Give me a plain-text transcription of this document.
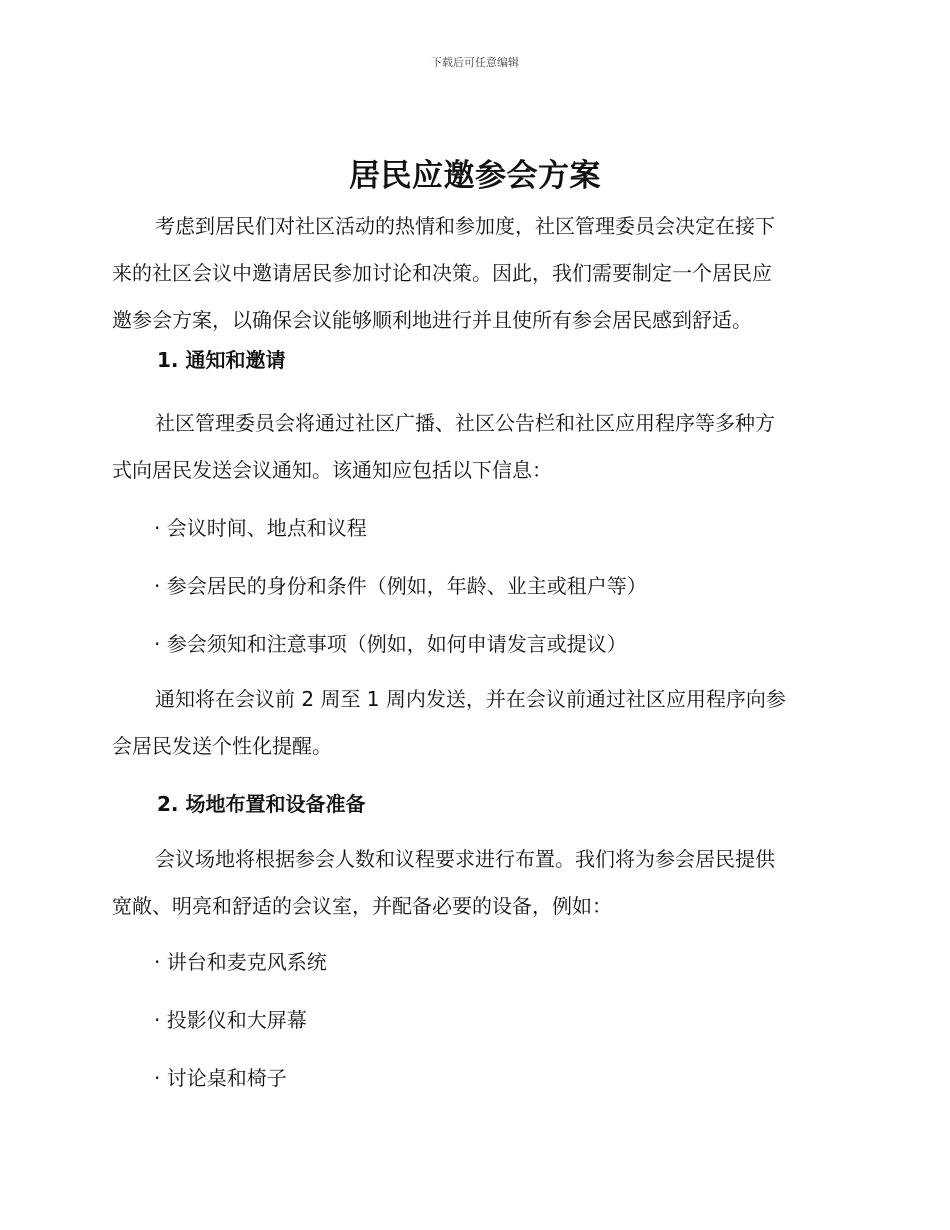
下载后可任意编辑
居民应邀参会方案
考虑到居民们对社区活动的热情和参加度，社区管理委员会决定在接下
来的社区会议中邀请居民参加讨论和决策。因此，我们需要制定一个居民应
邀参会方案，以确保会议能够顺利地进行并且使所有参会居民感到舒适。
1. 通知和邀请
社区管理委员会将通过社区广播、社区公告栏和社区应用程序等多种方
式向居民发送会议通知。该通知应包括以下信息：
· 会议时间、地点和议程
· 参会居民的身份和条件（例如，年龄、业主或租户等）
· 参会须知和注意事项（例如，如何申请发言或提议）
通知将在会议前 2 周至 1 周内发送，并在会议前通过社区应用程序向参
会居民发送个性化提醒。
2. 场地布置和设备准备
会议场地将根据参会人数和议程要求进行布置。我们将为参会居民提供
宽敞、明亮和舒适的会议室，并配备必要的设备，例如：
· 讲台和麦克风系统
· 投影仪和大屏幕
· 讨论桌和椅子
